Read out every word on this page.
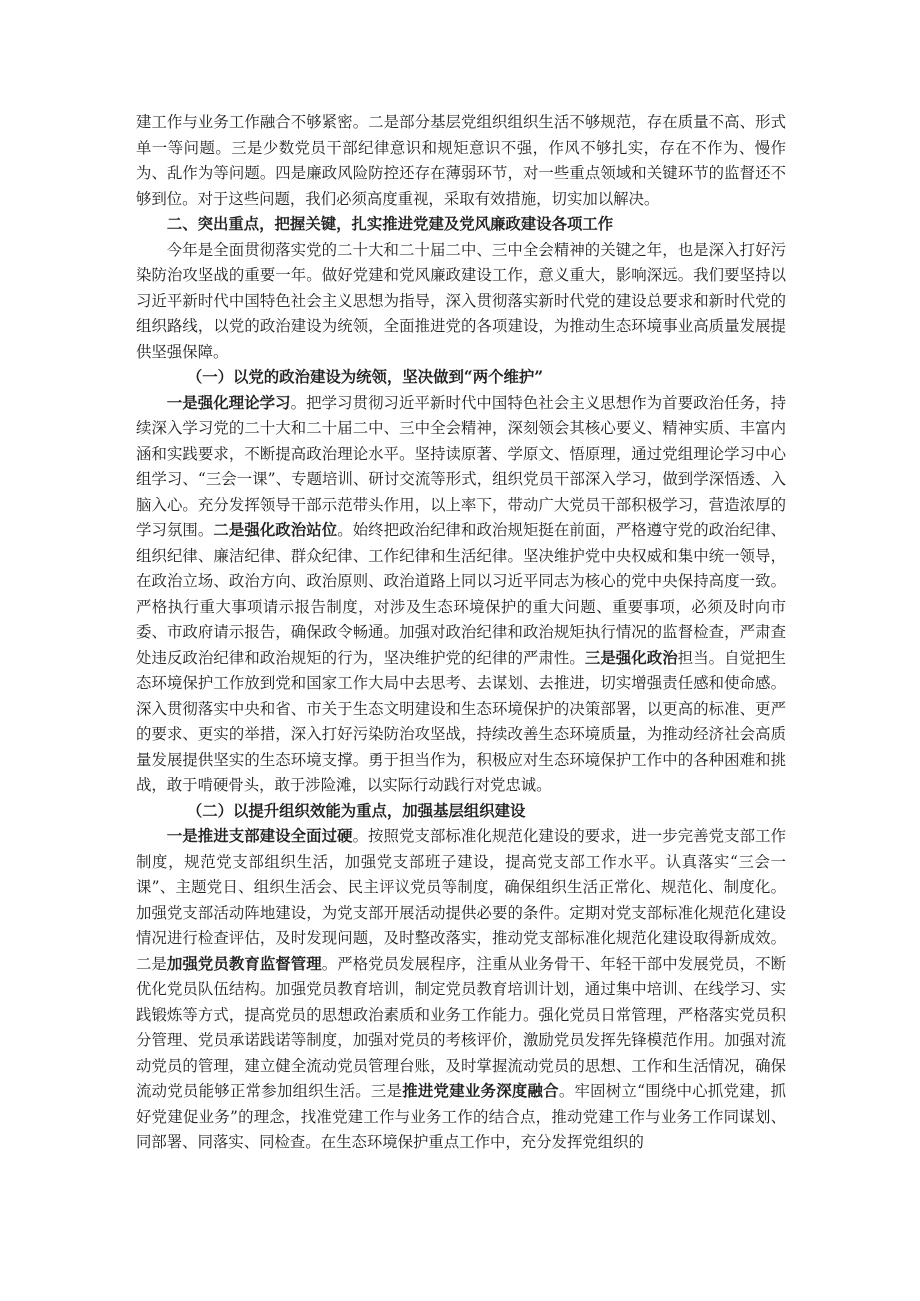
建工作与业务工作融合不够紧密。二是部分基层党组织组织生活不够规范，存在质量不高、形式单一等问题。三是少数党员干部纪律意识和规矩意识不强，作风不够扎实，存在不作为、慢作为、乱作为等问题。四是廉政风险防控还存在薄弱环节，对一些重点领域和关键环节的监督还不够到位。对于这些问题，我们必须高度重视，采取有效措施，切实加以解决。

二、突出重点，把握关键，扎实推进党建及党风廉政建设各项工作

今年是全面贯彻落实党的二十大和二十届二中、三中全会精神的关键之年，也是深入打好污染防治攻坚战的重要一年。做好党建和党风廉政建设工作，意义重大，影响深远。我们要坚持以习近平新时代中国特色社会主义思想为指导，深入贯彻落实新时代党的建设总要求和新时代党的组织路线，以党的政治建设为统领，全面推进党的各项建设，为推动生态环境事业高质量发展提供坚强保障。

（一）以党的政治建设为统领，坚决做到“两个维护”

一是强化理论学习。把学习贯彻习近平新时代中国特色社会主义思想作为首要政治任务，持续深入学习党的二十大和二十届二中、三中全会精神，深刻领会其核心要义、精神实质、丰富内涵和实践要求，不断提高政治理论水平。坚持读原著、学原文、悟原理，通过党组理论学习中心组学习、“三会一课”、专题培训、研讨交流等形式，组织党员干部深入学习，做到学深悟透、入脑入心。充分发挥领导干部示范带头作用，以上率下，带动广大党员干部积极学习，营造浓厚的学习氛围。二是强化政治站位。始终把政治纪律和政治规矩挺在前面，严格遵守党的政治纪律、组织纪律、廉洁纪律、群众纪律、工作纪律和生活纪律。坚决维护党中央权威和集中统一领导，在政治立场、政治方向、政治原则、政治道路上同以习近平同志为核心的党中央保持高度一致。严格执行重大事项请示报告制度，对涉及生态环境保护的重大问题、重要事项，必须及时向市委、市政府请示报告，确保政令畅通。加强对政治纪律和政治规矩执行情况的监督检查，严肃查处违反政治纪律和政治规矩的行为，坚决维护党的纪律的严肃性。三是强化政治担当。自觉把生态环境保护工作放到党和国家工作大局中去思考、去谋划、去推进，切实增强责任感和使命感。深入贯彻落实中央和省、市关于生态文明建设和生态环境保护的决策部署，以更高的标准、更严的要求、更实的举措，深入打好污染防治攻坚战，持续改善生态环境质量，为推动经济社会高质量发展提供坚实的生态环境支撑。勇于担当作为，积极应对生态环境保护工作中的各种困难和挑战，敢于啃硬骨头，敢于涉险滩，以实际行动践行对党忠诚。

（二）以提升组织效能为重点，加强基层组织建设

一是推进支部建设全面过硬。按照党支部标准化规范化建设的要求，进一步完善党支部工作制度，规范党支部组织生活，加强党支部班子建设，提高党支部工作水平。认真落实“三会一课”、主题党日、组织生活会、民主评议党员等制度，确保组织生活正常化、规范化、制度化。加强党支部活动阵地建设，为党支部开展活动提供必要的条件。定期对党支部标准化规范化建设情况进行检查评估，及时发现问题，及时整改落实，推动党支部标准化规范化建设取得新成效。二是加强党员教育监督管理。严格党员发展程序，注重从业务骨干、年轻干部中发展党员，不断优化党员队伍结构。加强党员教育培训，制定党员教育培训计划，通过集中培训、在线学习、实践锻炼等方式，提高党员的思想政治素质和业务工作能力。强化党员日常管理，严格落实党员积分管理、党员承诺践诺等制度，加强对党员的考核评价，激励党员发挥先锋模范作用。加强对流动党员的管理，建立健全流动党员管理台账，及时掌握流动党员的思想、工作和生活情况，确保流动党员能够正常参加组织生活。三是推进党建业务深度融合。牢固树立“围绕中心抓党建，抓好党建促业务”的理念，找准党建工作与业务工作的结合点，推动党建工作与业务工作同谋划、同部署、同落实、同检查。在生态环境保护重点工作中，充分发挥党组织的
